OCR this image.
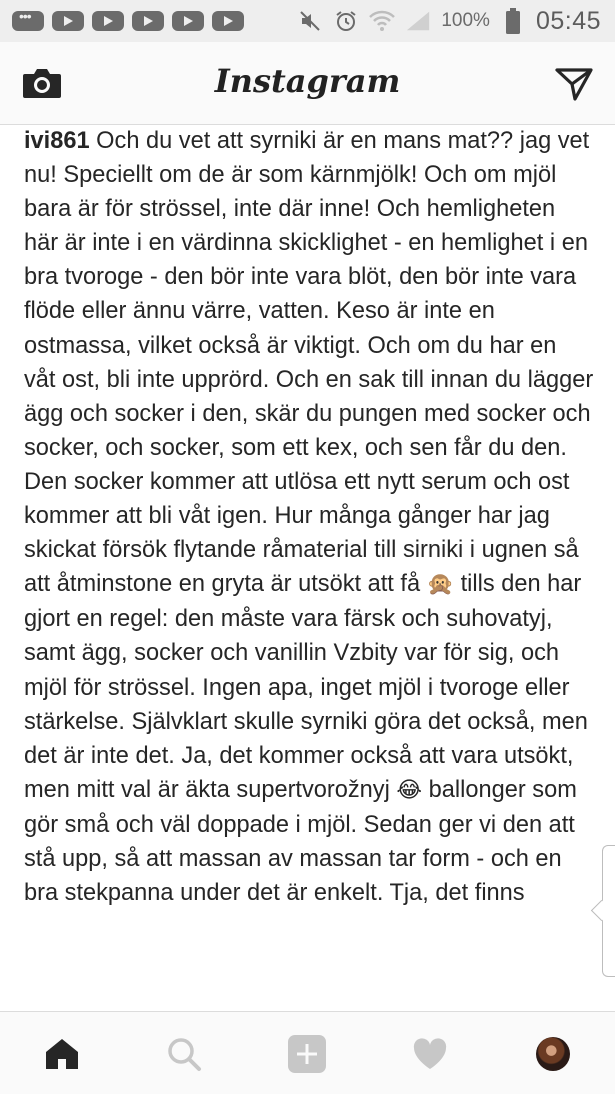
•••
100% 05:45
Instagram

ivi861 Och du vet att syrniki är en mans mat?? jag vet nu! Speciellt om de är som kärnmjölk! Och om mjöl bara är för strössel, inte där inne! Och hemligheten här är inte i en värdinna skicklighet - en hemlighet i en bra tvoroge - den bör inte vara blöt, den bör inte vara flöde eller ännu värre, vatten. Keso är inte en ostmassa, vilket också är viktigt. Och om du har en våt ost, bli inte upprörd. Och en sak till innan du lägger ägg och socker i den, skär du pungen med socker och socker, och socker, som ett kex, och sen får du den. Den socker kommer att utlösa ett nytt serum och ost kommer att bli våt igen. Hur många gånger har jag skickat försök flytande råmaterial till sirniki i ugnen så att åtminstone en gryta är utsökt att få 🙊 tills den har gjort en regel: den måste vara färsk och suhovatyj, samt ägg, socker och vanillin Vzbity var för sig, och mjöl för strössel. Ingen apa, inget mjöl i tvoroge eller stärkelse. Självklart skulle syrniki göra det också, men det är inte det. Ja, det kommer också att vara utsökt, men mitt val är äkta supertvorožnyj 😂 ballonger som gör små och väl doppade i mjöl. Sedan ger vi den att stå upp, så att massan av massan tar form - och en bra stekpanna under det är enkelt. Tja, det finns
